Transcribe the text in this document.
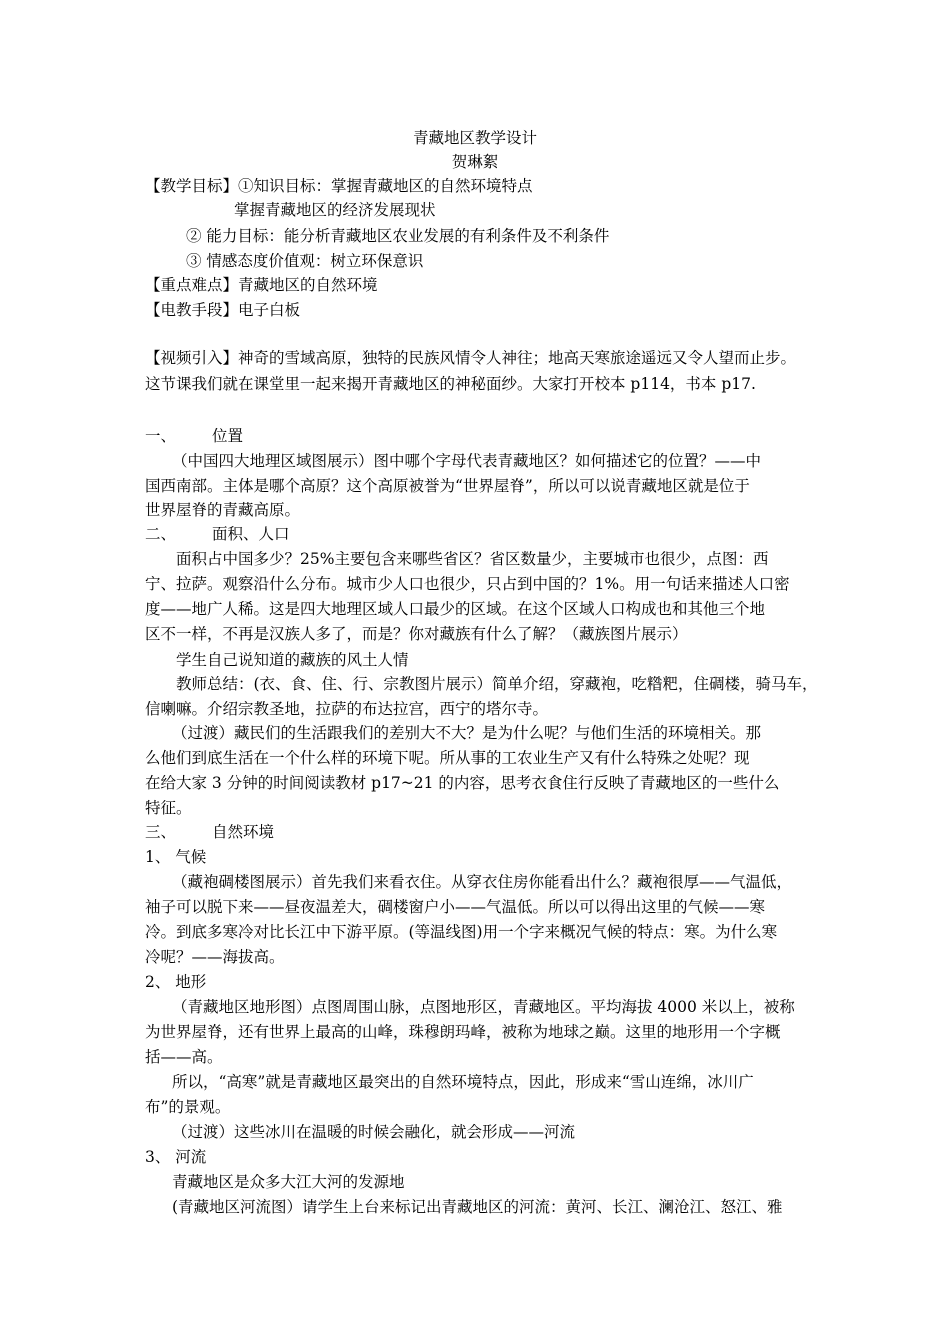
青藏地区教学设计
贺琳絮
【教学目标】①知识目标：掌握青藏地区的自然环境特点
掌握青藏地区的经济发展现状
② 能力目标：能分析青藏地区农业发展的有利条件及不利条件
③ 情感态度价值观：树立环保意识
【重点难点】青藏地区的自然环境
【电教手段】电子白板
【视频引入】神奇的雪域高原，独特的民族风情令人神往；地高天寒旅途遥远又令人望而止步。
这节课我们就在课堂里一起来揭开青藏地区的神秘面纱。大家打开校本 p114，书本 p17.
一、 位置
（中国四大地理区域图展示）图中哪个字母代表青藏地区？如何描述它的位置？——中
国西南部。主体是哪个高原？这个高原被誉为“世界屋脊”，所以可以说青藏地区就是位于
世界屋脊的青藏高原。
二、 面积、人口
面积占中国多少？25%主要包含来哪些省区？省区数量少，主要城市也很少，点图：西
宁、拉萨。观察沿什么分布。城市少人口也很少，只占到中国的？1%。用一句话来描述人口密
度——地广人稀。这是四大地理区域人口最少的区域。在这个区域人口构成也和其他三个地
区不一样，不再是汉族人多了，而是？你对藏族有什么了解？（藏族图片展示）
学生自己说知道的藏族的风土人情
教师总结：(衣、食、住、行、宗教图片展示）简单介绍，穿藏袍，吃糌粑，住碉楼，骑马车，
信喇嘛。介绍宗教圣地，拉萨的布达拉宫，西宁的塔尔寺。
（过渡）藏民们的生活跟我们的差别大不大？是为什么呢？与他们生活的环境相关。那
么他们到底生活在一个什么样的环境下呢。所从事的工农业生产又有什么特殊之处呢？现
在给大家 3 分钟的时间阅读教材 p17~21 的内容，思考衣食住行反映了青藏地区的一些什么
特征。
三、 自然环境
1、 气候
（藏袍碉楼图展示）首先我们来看衣住。从穿衣住房你能看出什么？藏袍很厚——气温低，
袖子可以脱下来——昼夜温差大，碉楼窗户小——气温低。所以可以得出这里的气候——寒
冷。到底多寒冷对比长江中下游平原。(等温线图)用一个字来概况气候的特点：寒。为什么寒
冷呢？——海拔高。
2、 地形
（青藏地区地形图）点图周围山脉，点图地形区，青藏地区。平均海拔 4000 米以上，被称
为世界屋脊，还有世界上最高的山峰，珠穆朗玛峰，被称为地球之巅。这里的地形用一个字概
括——高。
所以，“高寒”就是青藏地区最突出的自然环境特点，因此，形成来“雪山连绵，冰川广
布”的景观。
（过渡）这些冰川在温暖的时候会融化，就会形成——河流
3、 河流
青藏地区是众多大江大河的发源地
(青藏地区河流图）请学生上台来标记出青藏地区的河流：黄河、长江、澜沧江、怒江、雅
